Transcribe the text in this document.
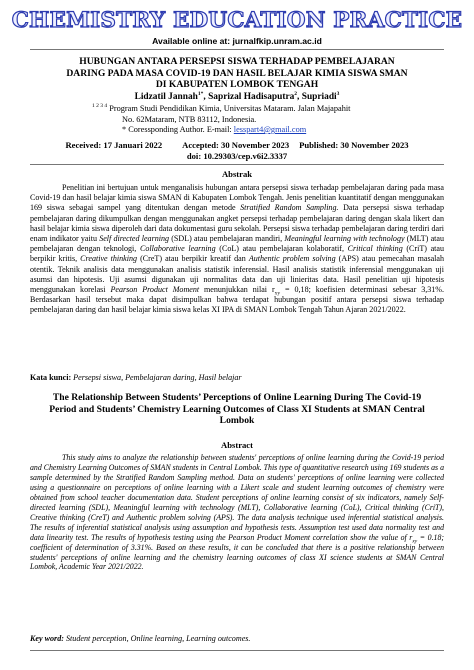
CHEMISTRY EDUCATION PRACTICE
Available online at: jurnalfkip.unram.ac.id
HUBUNGAN ANTARA PERSEPSI SISWA TERHADAP PEMBELAJARAN DARING PADA MASA COVID-19 DAN HASIL BELAJAR KIMIA SISWA SMAN DI KABUPATEN LOMBOK TENGAH
Lidzatil Jannah$^{1*}$, Saprizal Hadisaputra$^2$, Supriadi$^3$
$^{1 2 3 4}$ Program Studi Pendidikan Kimia, Universitas Mataram. Jalan Majapahit
No. 62Mataram, NTB 83112, Indonesia.
* Coressponding Author. E-mail: lesspart4@gmail.com
Received: 17 Januari 2022 Accepted: 30 November 2023 Published: 30 November 2023
doi: 10.29303/cep.v6i2.3337
Abstrak
Penelitian ini bertujuan untuk menganalisis hubungan antara persepsi siswa terhadap pembelajaran daring pada masa Covid-19 dan hasil belajar kimia siswa SMAN di Kabupaten Lombok Tengah. Jenis penelitian kuantitatif dengan menggunakan 169 siswa sebagai sampel yang ditentukan dengan metode Stratified Random Sampling. Data persepsi siswa terhadap pembelajaran daring dikumpulkan dengan menggunakan angket persepsi terhadap pembelajaran daring dengan skala likert dan hasil belajar kimia siswa diperoleh dari data dokumentasi guru sekolah. Persepsi siswa terhadap pembelajaran daring terdiri dari enam indikator yaitu Self directed learning (SDL) atau pembelajaran mandiri, Meaningful learning with technology (MLT) atau pembelajaran dengan teknologi, Collaborative learning (CoL) atau pembelajaran kolaboratif, Critical thinking (CriT) atau berpikir kritis, Creative thinking (CreT) atau berpikir kreatif dan Authentic problem solving (APS) atau pemecahan masalah otentik. Teknik analisis data menggunakan analisis statistik inferensial. Hasil analisis statistik inferensial menggunakan uji asumsi dan hipotesis. Uji asumsi digunakan uji normalitas data dan uji linieritas data. Hasil penelitian uji hipotesis menggunakan korelasi Pearson Product Moment menunjukkan nilai $r_{xy} = 0,18$; koefisien determinasi sebesar 3,31%. Berdasarkan hasil tersebut maka dapat disimpulkan bahwa terdapat hubungan positif antara persepsi siswa terhadap pembelajaran daring dan hasil belajar kimia siswa kelas XI IPA di SMAN Lombok Tengah Tahun Ajaran 2021/2022.
Kata kunci: Persepsi siswa, Pembelajaran daring, Hasil belajar
The Relationship Between Students’ Perceptions of Online Learning During The Covid-19 Period and Students’ Chemistry Learning Outcomes of Class XI Students at SMAN Central Lombok
Abstract
This study aims to analyze the relationship between students' perceptions of online learning during the Covid-19 period and Chemistry Learning Outcomes of SMAN students in Central Lombok. This type of quantitative research using 169 students as a sample determined by the Stratified Random Sampling method. Data on students' perceptions of online learning were collected using a questionnaire on perceptions of online learning with a Likert scale and student learning outcomes of chemistry were obtained from school teacher documentation data. Student perceptions of online learning consist of six indicators, namely Self-directed learning (SDL), Meaningful learning with technology (MLT), Collaborative learning (CoL), Critical thinking (CriT), Creative thinking (CreT) and Authentic problem solving (APS). The data analysis technique used inferential statistical analysis. The results of inferential statistical analysis using assumption and hypothesis tests. Assumption test used data normality test and data linearity test. The results of hypothesis testing using the Pearson Product Moment correlation show the value of $r_{xy} = 0.18$; coefficient of determination of 3.31%. Based on these results, it can be concluded that there is a positive relationship between students' perceptions of online learning and the chemistry learning outcomes of class XI science students at SMAN Central Lombok, Academic Year 2021/2022.
Key word: Student perception, Online learning, Learning outcomes.
